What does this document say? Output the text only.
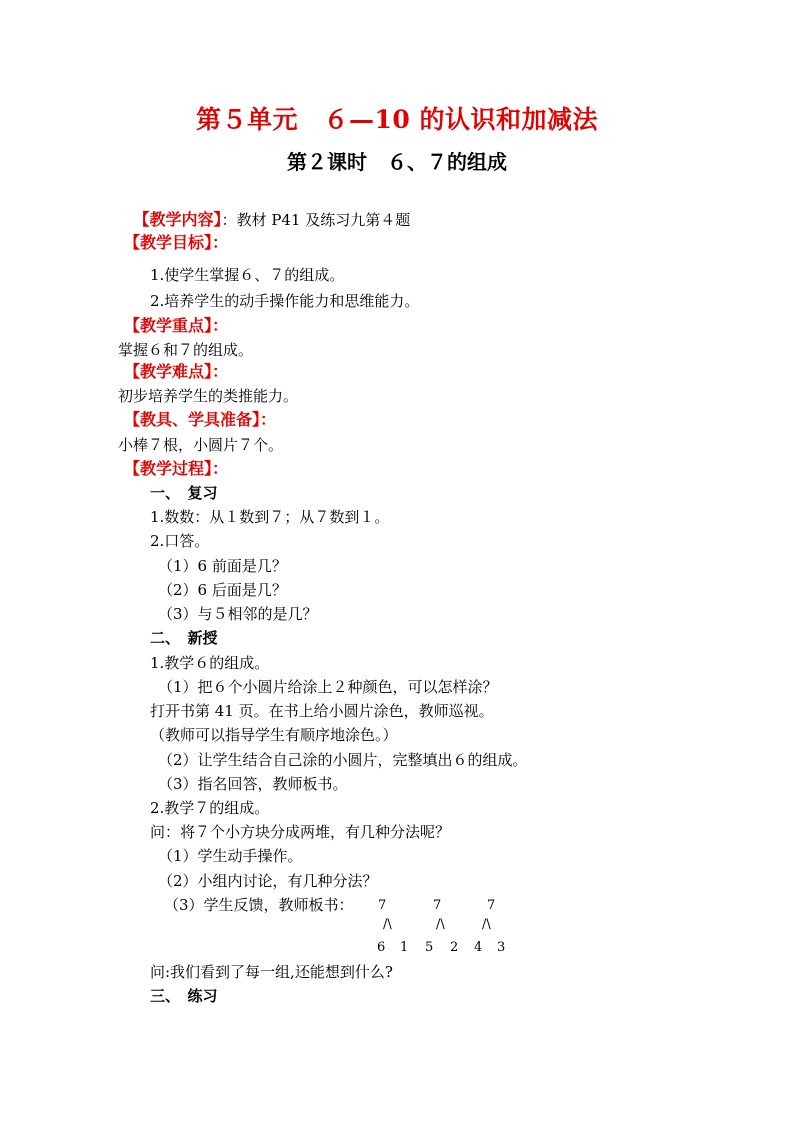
第５单元　６—10 的认识和加减法
第２课时　６、７的组成

【教学内容】：教材 P41 及练习九第４题

【教学目标】：
1.使学生掌握６、７的组成。
2.培养学生的动手操作能力和思维能力。
【教学重点】：
掌握６和７的组成。
【教学难点】：
初步培养学生的类推能力。
【教具、学具准备】：
小棒７根，小圆片７个。
【教学过程】：
一、　复习
1.数数：从１数到７；从７数到１。
2.口答。
（1）6 前面是几？
（2）6 后面是几？
（3）与５相邻的是几？
二、　新授
1.教学６的组成。
（1）把６个小圆片给涂上２种颜色，可以怎样涂？
打开书第 41 页。在书上给小圆片涂色，教师巡视。
（教师可以指导学生有顺序地涂色。）
（2）让学生结合自己涂的小圆片，完整填出６的组成。
（3）指名回答，教师板书。
2.教学７的组成。
问：将７个小方块分成两堆，有几种分法呢？
（1）学生动手操作。
（2）小组内讨论，有几种分法？
（3）学生反馈，教师板书： 7	7	7
/\	/\	/\
6 1 5 2 4 3
问:我们看到了每一组,还能想到什么?
三、　练习
